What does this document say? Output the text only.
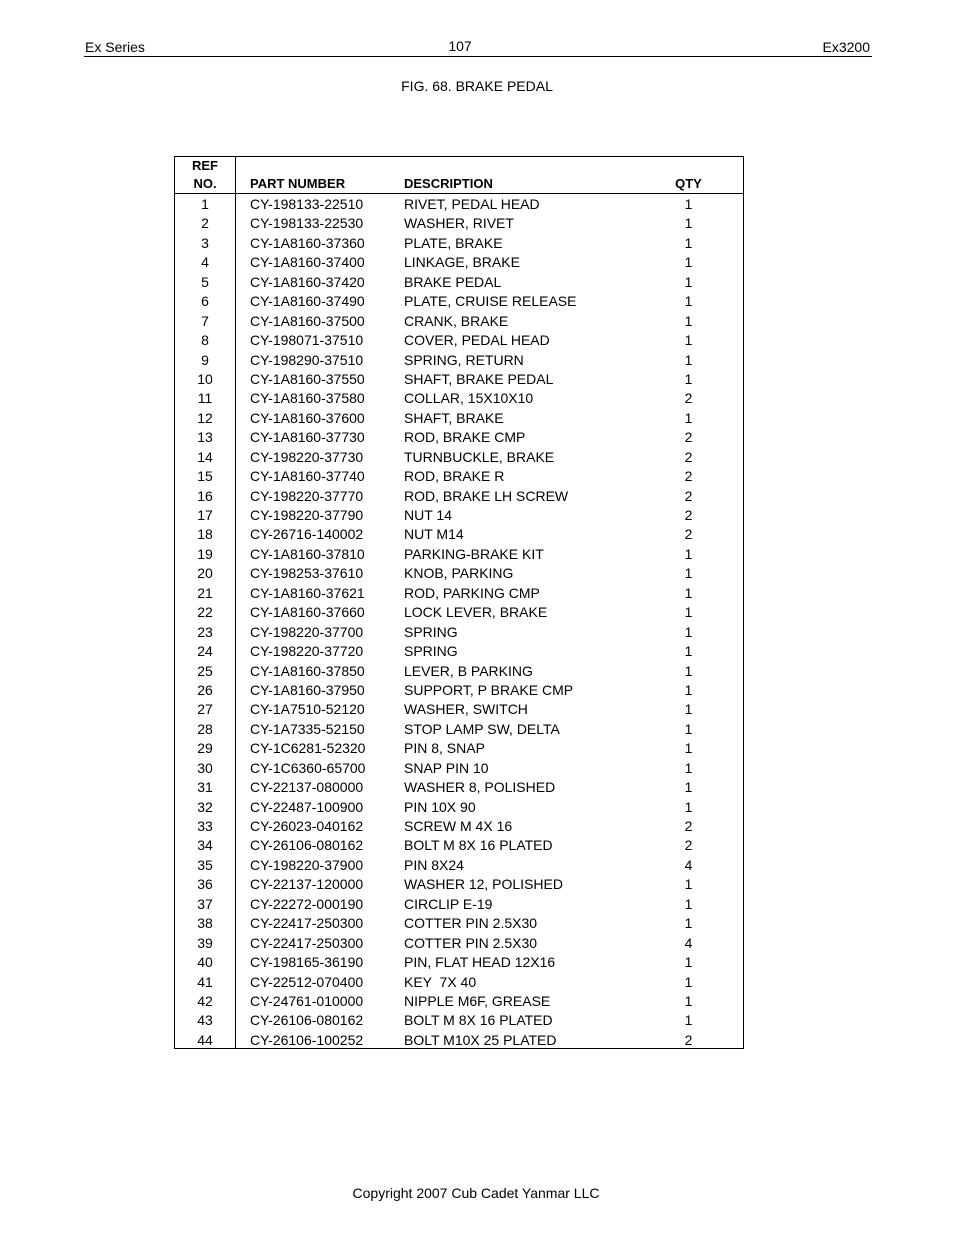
Ex Series	107	Ex3200
FIG. 68. BRAKE PEDAL
REF
NO.	PART NUMBER	DESCRIPTION	QTY
1	CY-198133-22510	RIVET, PEDAL HEAD	1
2	CY-198133-22530	WASHER, RIVET	1
3	CY-1A8160-37360	PLATE, BRAKE	1
4	CY-1A8160-37400	LINKAGE, BRAKE	1
5	CY-1A8160-37420	BRAKE PEDAL	1
6	CY-1A8160-37490	PLATE, CRUISE RELEASE	1
7	CY-1A8160-37500	CRANK, BRAKE	1
8	CY-198071-37510	COVER, PEDAL HEAD	1
9	CY-198290-37510	SPRING, RETURN	1
10	CY-1A8160-37550	SHAFT, BRAKE PEDAL	1
11	CY-1A8160-37580	COLLAR, 15X10X10	2
12	CY-1A8160-37600	SHAFT, BRAKE	1
13	CY-1A8160-37730	ROD, BRAKE CMP	2
14	CY-198220-37730	TURNBUCKLE, BRAKE	2
15	CY-1A8160-37740	ROD, BRAKE R	2
16	CY-198220-37770	ROD, BRAKE LH SCREW	2
17	CY-198220-37790	NUT 14	2
18	CY-26716-140002	NUT M14	2
19	CY-1A8160-37810	PARKING-BRAKE KIT	1
20	CY-198253-37610	KNOB, PARKING	1
21	CY-1A8160-37621	ROD, PARKING CMP	1
22	CY-1A8160-37660	LOCK LEVER, BRAKE	1
23	CY-198220-37700	SPRING	1
24	CY-198220-37720	SPRING	1
25	CY-1A8160-37850	LEVER, B PARKING	1
26	CY-1A8160-37950	SUPPORT, P BRAKE CMP	1
27	CY-1A7510-52120	WASHER, SWITCH	1
28	CY-1A7335-52150	STOP LAMP SW, DELTA	1
29	CY-1C6281-52320	PIN 8, SNAP	1
30	CY-1C6360-65700	SNAP PIN 10	1
31	CY-22137-080000	WASHER 8, POLISHED	1
32	CY-22487-100900	PIN 10X 90	1
33	CY-26023-040162	SCREW M 4X 16	2
34	CY-26106-080162	BOLT M 8X 16 PLATED	2
35	CY-198220-37900	PIN 8X24	4
36	CY-22137-120000	WASHER 12, POLISHED	1
37	CY-22272-000190	CIRCLIP E-19	1
38	CY-22417-250300	COTTER PIN 2.5X30	1
39	CY-22417-250300	COTTER PIN 2.5X30	4
40	CY-198165-36190	PIN, FLAT HEAD 12X16	1
41	CY-22512-070400	KEY  7X 40	1
42	CY-24761-010000	NIPPLE M6F, GREASE	1
43	CY-26106-080162	BOLT M 8X 16 PLATED	1
44	CY-26106-100252	BOLT M10X 25 PLATED	2
Copyright 2007 Cub Cadet Yanmar LLC
